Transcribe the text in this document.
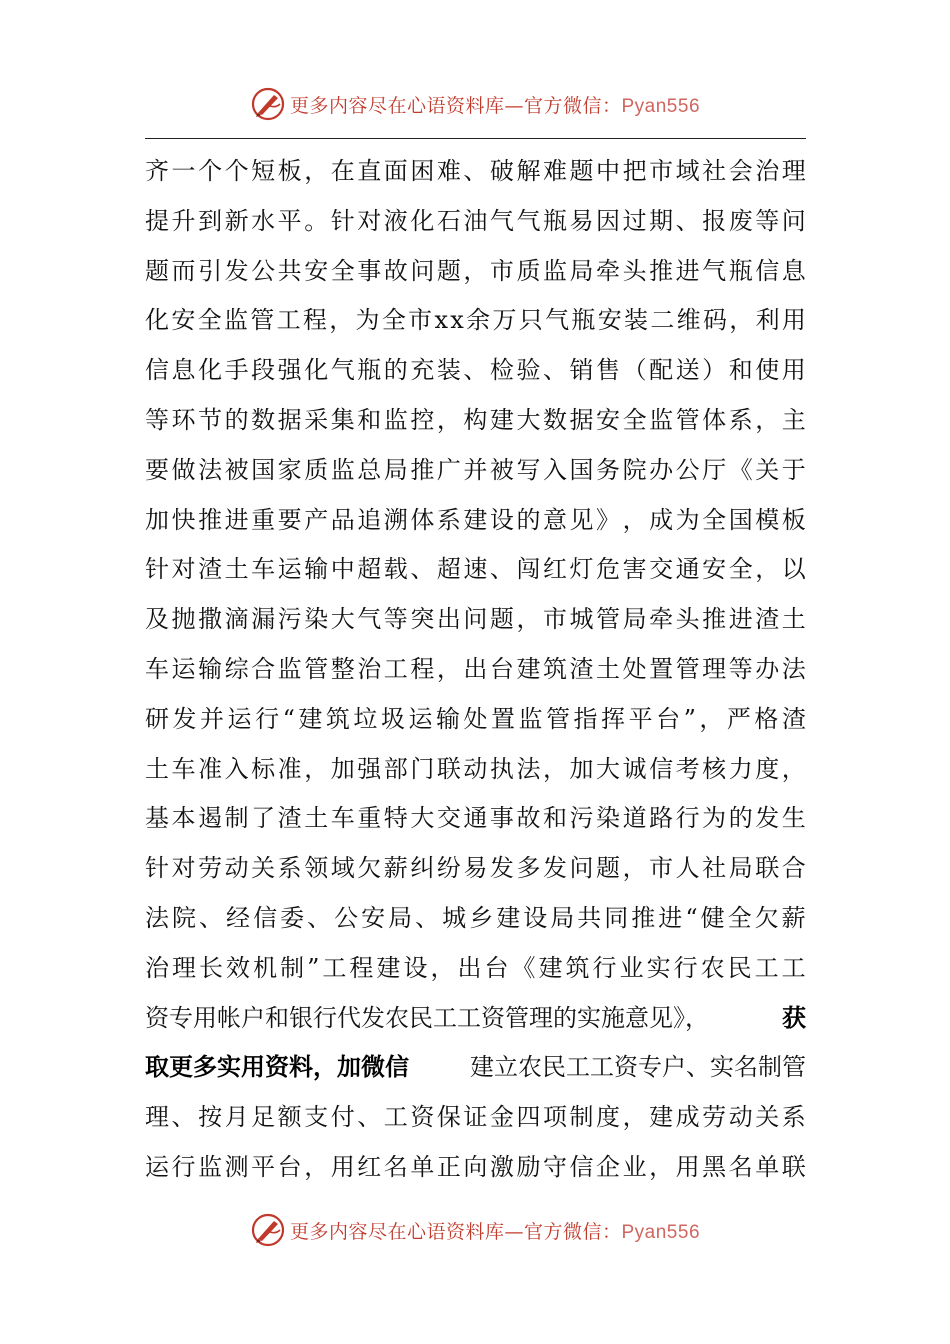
更多内容尽在心语资料库—官方微信：Pyan556
齐 一 个 个 短 板 ， 在 直 面 困 难 、 破 解 难 题 中 把 市 域 社 会 治 理
提 升 到 新 水 平 。 针 对 液 化 石 油 气 气 瓶 易 因 过 期 、 报 废 等 问
题 而 引 发 公 共 安 全 事 故 问 题 ， 市 质 监 局 牵 头 推 进 气 瓶 信 息
化 安 全 监 管 工 程 ， 为 全 市 x x 余 万 只 气 瓶 安 装 二 维 码 ， 利 用
信 息 化 手 段 强 化 气 瓶 的 充 装 、 检 验 、 销 售 （ 配 送 ） 和 使 用
等 环 节 的 数 据 采 集 和 监 控 ， 构 建 大 数 据 安 全 监 管 体 系 ， 主
要 做 法 被 国 家 质 监 总 局 推 广 并 被 写 入 国 务 院 办 公 厅 《 关 于
加 快 推 进 重 要 产 品 追 溯 体 系 建 设 的 意 见 》 ， 成 为 全 国 模 板
针 对 渣 土 车 运 输 中 超 载 、 超 速 、 闯 红 灯 危 害 交 通 安 全 ， 以
及 抛 撒 滴 漏 污 染 大 气 等 突 出 问 题 ， 市 城 管 局 牵 头 推 进 渣 土
车 运 输 综 合 监 管 整 治 工 程 ， 出 台 建 筑 渣 土 处 置 管 理 等 办 法
研 发 并 运 行 “ 建 筑 垃 圾 运 输 处 置 监 管 指 挥 平 台 ” ， 严 格 渣
土 车 准 入 标 准 ， 加 强 部 门 联 动 执 法 ， 加 大 诚 信 考 核 力 度 ，
基 本 遏 制 了 渣 土 车 重 特 大 交 通 事 故 和 污 染 道 路 行 为 的 发 生
针 对 劳 动 关 系 领 域 欠 薪 纠 纷 易 发 多 发 问 题 ， 市 人 社 局 联 合
法 院 、 经 信 委 、 公 安 局 、 城 乡 建 设 局 共 同 推 进 “ 健 全 欠 薪
治 理 长 效 机 制 ” 工 程 建 设 ， 出 台 《 建 筑 行 业 实 行 农 民 工 工
资专用帐户和银行代发农民工工资管理的实施意见》，	获
取更多实用资料，加微信	建立农民工工资专户、实名制管
理 、 按 月 足 额 支 付 、 工 资 保 证 金 四 项 制 度 ， 建 成 劳 动 关 系
运 行 监 测 平 台 ， 用 红 名 单 正 向 激 励 守 信 企 业 ， 用 黑 名 单 联
更多内容尽在心语资料库—官方微信：Pyan556
